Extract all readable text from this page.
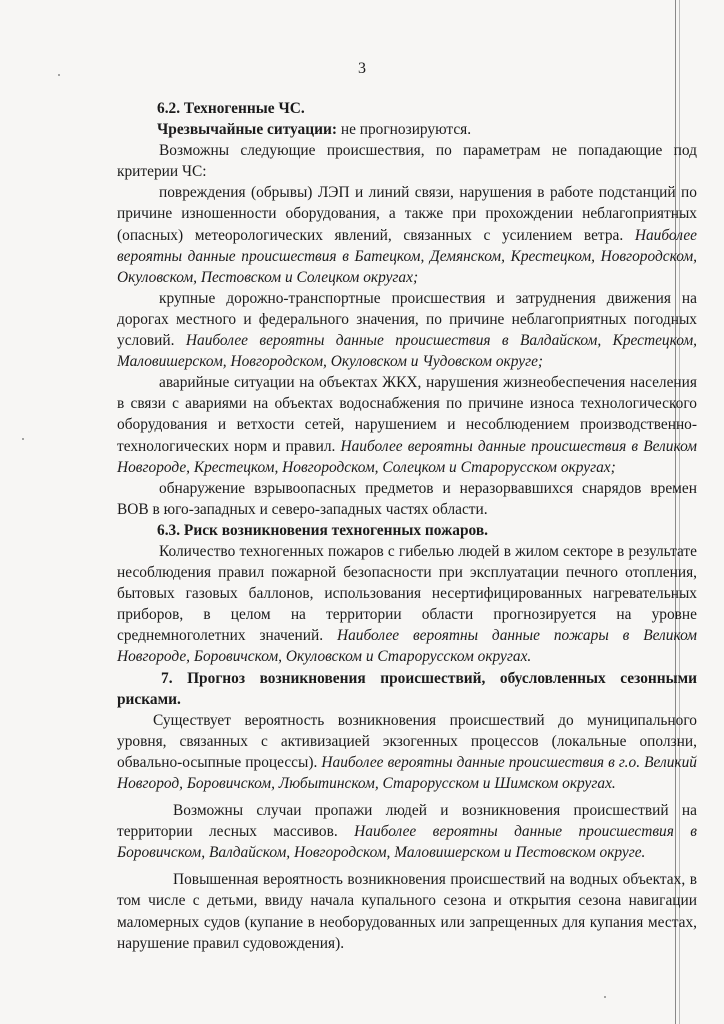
3

6.2. Техногенные ЧС.

Чрезвычайные ситуации: не прогнозируются.

Возможны следующие происшествия, по параметрам не попадающие под критерии ЧС:

повреждения (обрывы) ЛЭП и линий связи, нарушения в работе подстанций по причине изношенности оборудования, а также при прохождении неблагоприятных (опасных) метеорологических явлений, связанных с усилением ветра. Наиболее вероятны данные происшествия в Батецком, Демянском, Крестецком, Новгородском, Окуловском, Пестовском и Солецком округах;

крупные дорожно-транспортные происшествия и затруднения движения на дорогах местного и федерального значения, по причине неблагоприятных погодных условий. Наиболее вероятны данные происшествия в Валдайском, Крестецком, Маловишерском, Новгородском, Окуловском и Чудовском округе;

аварийные ситуации на объектах ЖКХ, нарушения жизнеобеспечения населения в связи с авариями на объектах водоснабжения по причине износа технологического оборудования и ветхости сетей, нарушением и несоблюдением производственно-технологических норм и правил. Наиболее вероятны данные происшествия в Великом Новгороде, Крестецком, Новгородском, Солецком и Старорусском округах;

обнаружение взрывоопасных предметов и неразорвавшихся снарядов времен ВОВ в юго-западных и северо-западных частях области.

6.3. Риск возникновения техногенных пожаров.

Количество техногенных пожаров с гибелью людей в жилом секторе в результате несоблюдения правил пожарной безопасности при эксплуатации печного отопления, бытовых газовых баллонов, использования несертифицированных нагревательных приборов, в целом на территории области прогнозируется на уровне среднемноголетних значений. Наиболее вероятны данные пожары в Великом Новгороде, Боровичском, Окуловском и Старорусском округах.

7. Прогноз возникновения происшествий, обусловленных сезонными рисками.

Существует вероятность возникновения происшествий до муниципального уровня, связанных с активизацией экзогенных процессов (локальные оползни, обвально-осыпные процессы). Наиболее вероятны данные происшествия в г.о. Великий Новгород, Боровичском, Любытинском, Старорусском и Шимском округах.

Возможны случаи пропажи людей и возникновения происшествий на территории лесных массивов. Наиболее вероятны данные происшествия в Боровичском, Валдайском, Новгородском, Маловишерском и Пестовском округе.

Повышенная вероятность возникновения происшествий на водных объектах, в том числе с детьми, ввиду начала купального сезона и открытия сезона навигации маломерных судов (купание в необорудованных или запрещенных для купания местах, нарушение правил судовождения).
